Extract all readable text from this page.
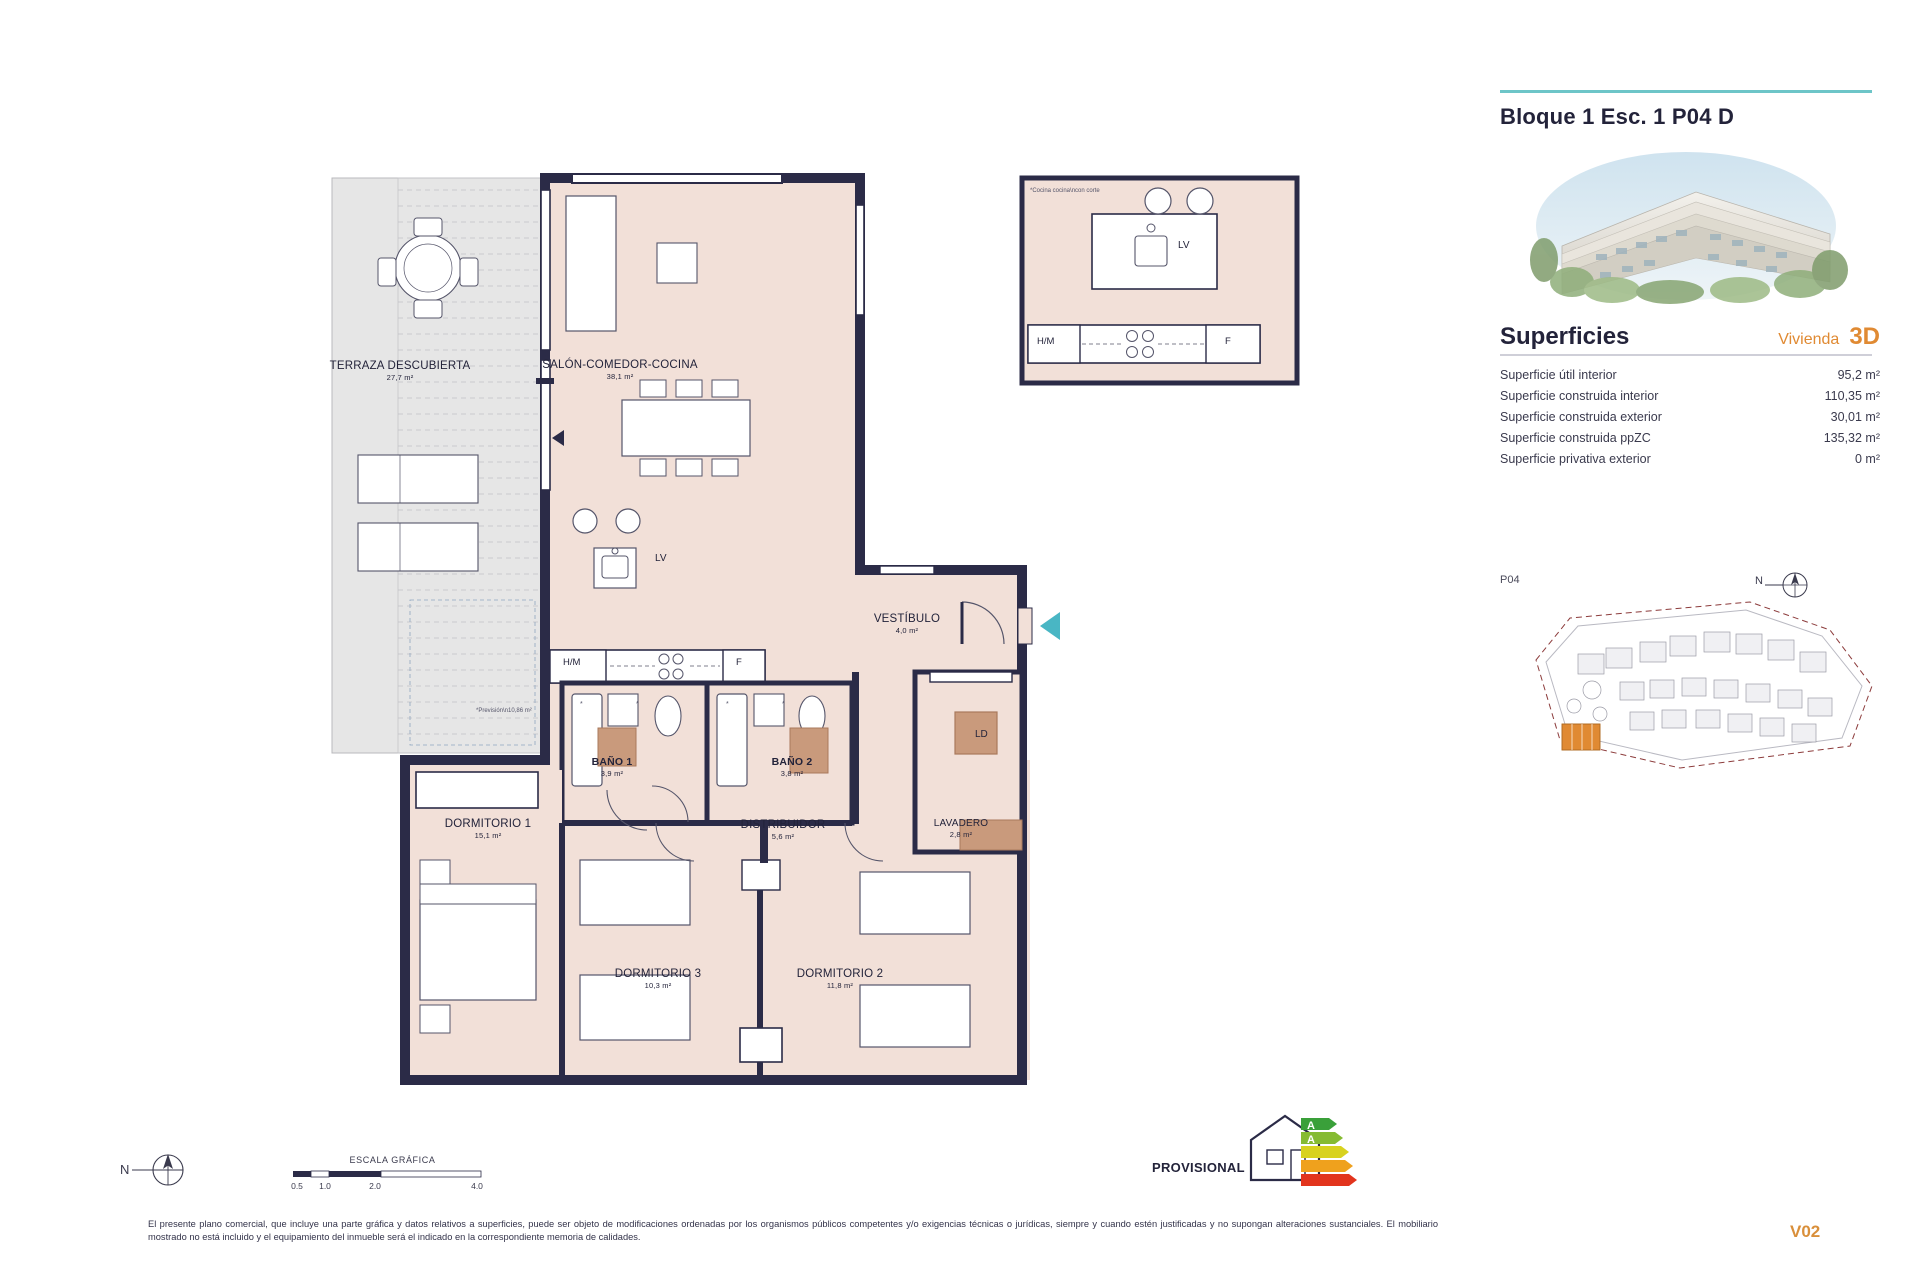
*	*	*	*
TERRAZA DESCUBIERTA
27,7 m²
SALÓN-COMEDOR-COCINA
38,1 m²
VESTÍBULO
4,0 m²
BAÑO 1
3,9 m²
BAÑO 2
3,8 m²
DISTRIBUIDOR
5,6 m²
LAVADERO
2,8 m²
DORMITORIO 1
15,1 m²
DORMITORIO 3
10,3 m²
DORMITORIO 2
11,8 m²
LV
H/M	F
LD
LV
H/M	F
*Previsión\n10,86 m²
*Cocina cocina\ncon corte
Bloque 1 Esc. 1 P04 D
Superficies	Vivienda 3D
Superficie útil interior	95,2 m²
Superficie construida interior	110,35 m²
Superficie construida exterior	30,01 m²
Superficie construida ppZC	135,32 m²
Superficie privativa exterior	0 m²
P04	N
N
ESCALA GRÁFICA
0.5 1.0	2.0	4.0
PROVISIONAL
A
A
El presente plano comercial, que incluye una parte gráfica y datos relativos a superficies, puede ser objeto de modificaciones ordenadas por los organismos públicos competentes y/o exigencias técnicas o jurídicas, siempre y cuando estén justificadas y no supongan alteraciones sustanciales. El mobiliario mostrado no está incluido y el equipamiento del inmueble será el indicado en la correspondiente memoria de calidades.	V02
